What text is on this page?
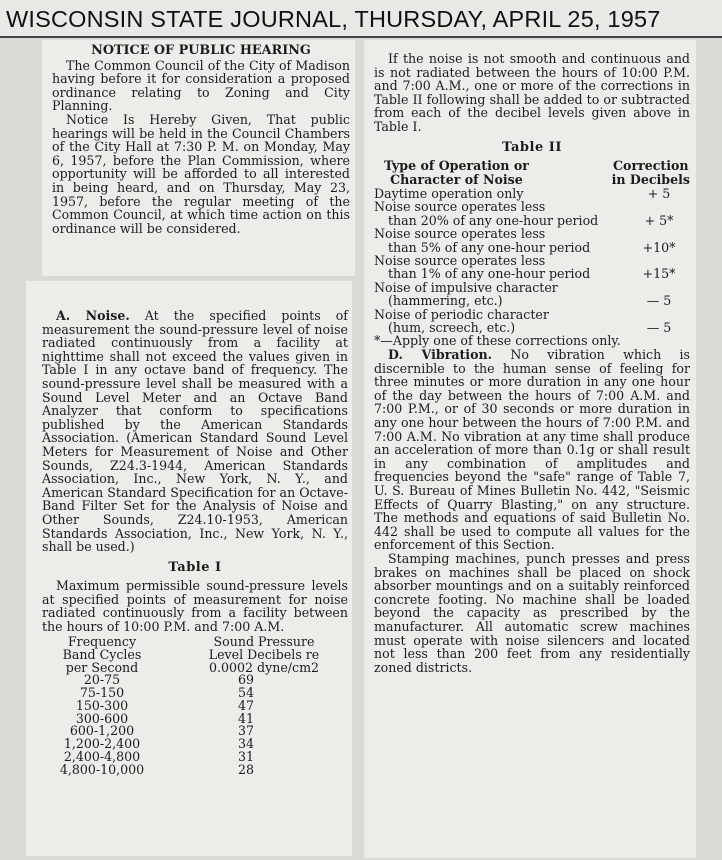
WISCONSIN STATE JOURNAL, THURSDAY, APRIL 25, 1957
NOTICE OF PUBLIC HEARING

The Common Council of the City of Madison having before it for consideration a proposed ordinance relating to Zoning and City Planning.

Notice Is Hereby Given, That public hearings will be held in the Council Chambers of the City Hall at 7:30 P. M. on Monday, May 6, 1957, before the Plan Commission, where opportunity will be afforded to all interested in being heard, and on Thursday, May 23, 1957, before the regular meeting of the Common Council, at which time action on this ordinance will be considered.

A. Noise. At the specified points of measurement the sound-pressure level of noise radiated continuously from a facility at nighttime shall not exceed the values given in Table I in any octave band of frequency. The sound-pressure level shall be measured with a Sound Level Meter and an Octave Band Analyzer that conform to specifications published by the American Standards Association. (American Standard Sound Level Meters for Measurement of Noise and Other Sounds, Z24.3-1944, American Standards Association, Inc., New York, N. Y., and American Standard Specification for an Octave-Band Filter Set for the Analysis of Noise and Other Sounds, Z24.10-1953, American Standards Association, Inc., New York, N. Y., shall be used.)

Table I

Maximum permissible sound-pressure levels at specified points of measurement for noise radiated continuously from a facility between the hours of 10:00 P.M. and 7:00 A.M.

Frequency
Band Cycles
per Second
Sound Pressure
Level Decibels re
0.0002 dyne/cm2
20-75	69
75-150	54
150-300	47
300-600	41
600-1,200	37
1,200-2,400	34
2,400-4,800	31
4,800-10,000	28

If the noise is not smooth and continuous and is not radiated between the hours of 10:00 P.M. and 7:00 A.M., one or more of the corrections in Table II following shall be added to or subtracted from each of the decibel levels given above in Table I.

Table II
Type of Operation or
Character of Noise
Correction
in Decibels
Daytime operation only	+ 5
Noise source operates less
than 20% of any one-hour period	+ 5*
Noise source operates less
than 5% of any one-hour period	+10*
Noise source operates less
than 1% of any one-hour period	+15*
Noise of impulsive character
(hammering, etc.)	— 5
Noise of periodic character
(hum, screech, etc.)	— 5

*—Apply one of these corrections only.

D. Vibration. No vibration which is discernible to the human sense of feeling for three minutes or more duration in any one hour of the day between the hours of 7:00 A.M. and 7:00 P.M., or of 30 seconds or more duration in any one hour between the hours of 7:00 P.M. and 7:00 A.M. No vibration at any time shall produce an acceleration of more than 0.1g or shall result in any combination of amplitudes and frequencies beyond the "safe" range of Table 7, U. S. Bureau of Mines Bulletin No. 442, "Seismic Effects of Quarry Blasting," on any structure. The methods and equations of said Bulletin No. 442 shall be used to compute all values for the enforcement of this Section.

Stamping machines, punch presses and press brakes on machines shall be placed on shock absorber mountings and on a suitably reinforced concrete footing. No machine shall be loaded beyond the capacity as prescribed by the manufacturer. All automatic screw machines must operate with noise silencers and located not less than 200 feet from any residentially zoned districts.
